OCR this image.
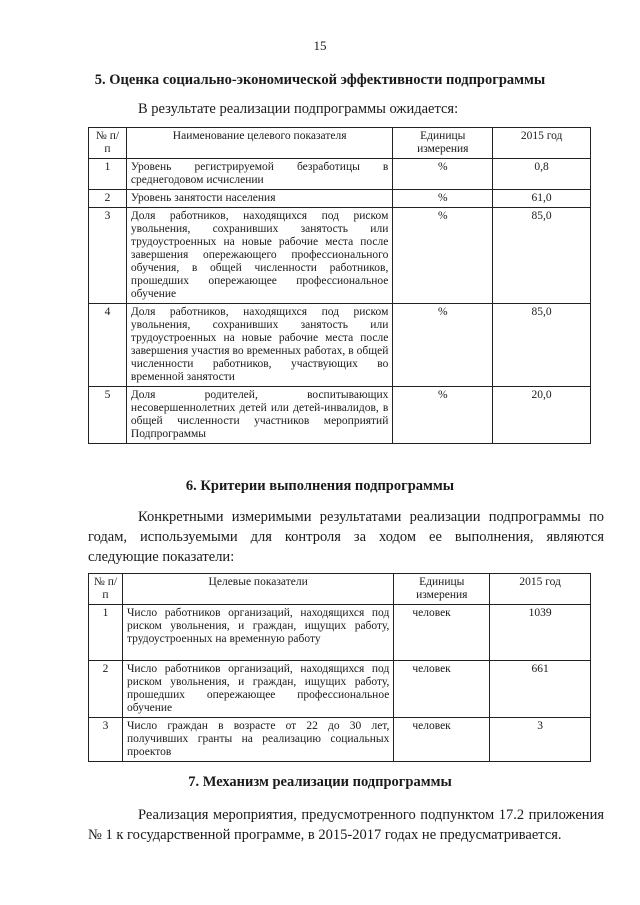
15
5. Оценка социально-экономической эффективности подпрограммы
В результате реализации подпрограммы ожидается:
№ п/п	Наименование целевого показателя	Единицы измерения	2015 год
1	Уровень регистрируемой безработицы в среднегодовом исчислении	%	0,8
2	Уровень занятости населения	%	61,0
3	Доля работников, находящихся под риском увольнения, сохранивших занятость или трудоустроенных на новые рабочие места после завершения опережающего профессионального обучения, в общей численности работников, прошедших опережающее профессиональное обучение	%	85,0
4	Доля работников, находящихся под риском увольнения, сохранивших занятость или трудоустроенных на новые рабочие места после завершения участия во временных работах, в общей численности работников, участвующих во временной занятости	%	85,0
5	Доля родителей, воспитывающих несовершеннолетних детей или детей-инвалидов, в общей численности участников мероприятий Подпрограммы	%	20,0
6. Критерии выполнения подпрограммы
Конкретными измеримыми результатами реализации подпрограммы по
годам, используемыми для контроля за ходом ее выполнения, являются
следующие показатели:
№ п/п	Целевые показатели	Единицы измерения	2015 год
1	Число работников организаций, находящихся под риском увольнения, и граждан, ищущих работу, трудоустроенных на временную работу	человек	1039
2	Число работников организаций, находящихся под риском увольнения, и граждан, ищущих работу, прошедших опережающее профессиональное обучение	человек	661
3	Число граждан в возрасте от 22 до 30 лет, получивших гранты на реализацию социальных проектов	человек	3
7. Механизм реализации подпрограммы
Реализация мероприятия, предусмотренного подпунктом 17.2 приложения
№ 1 к государственной программе, в 2015-2017 годах не предусматривается.
